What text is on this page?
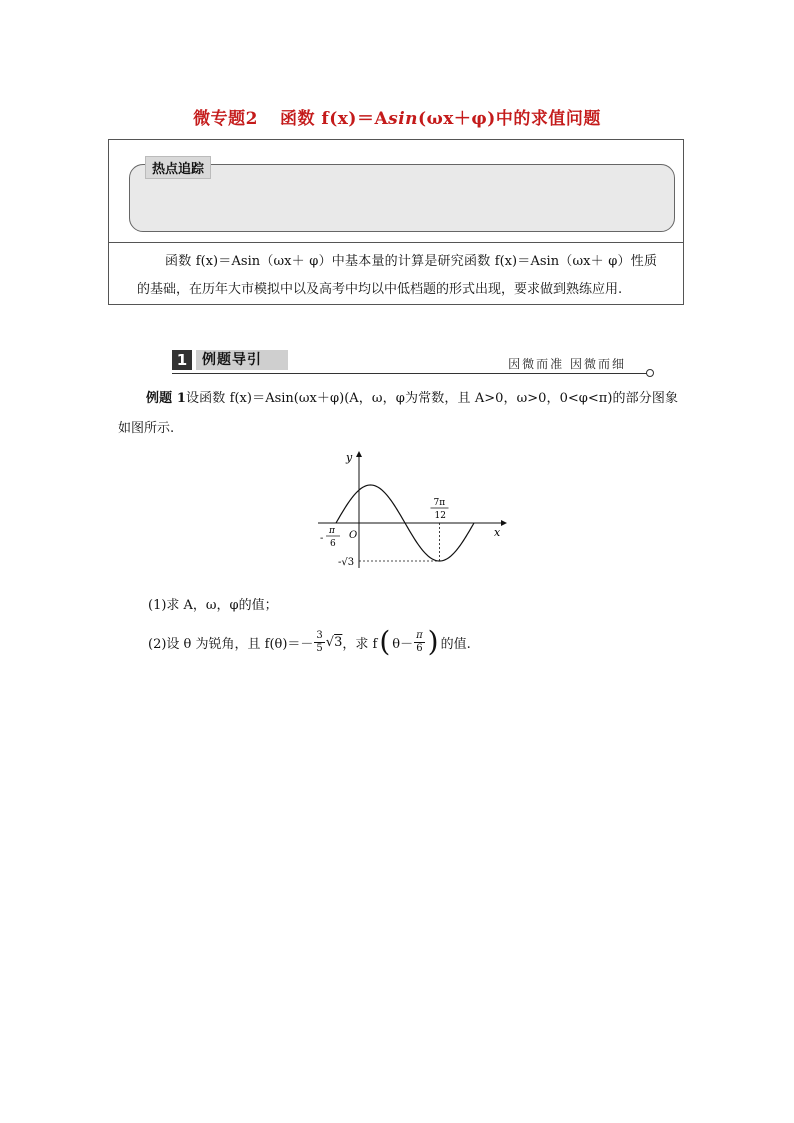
微专题2 函数 f(x)＝Asin(ωx＋φ)中的求值问题
热点追踪
函数 f(x)＝Asin（ωx＋ φ）中基本量的计算是研究函数 f(x)＝Asin（ωx＋ φ）性质的基础，在历年大市模拟中以及高考中均以中低档题的形式出现，要求做到熟练应用.
1	例题导引	因微而准 因微而细
例题 1设函数 f(x)＝Asin(ωx＋φ)(A，ω，φ为常数，且 A>0，ω>0，0<φ<π)的部分图象如图所示.
y
x
O
-
π
6
7π
12
-√3
(1)求 A，ω，φ的值；
(2)设 θ 为锐角，且 $f(\theta)=- \frac{3}{5} √3$ ，求 f ( $\theta- \frac{\pi}{6}$ ) 的值.
